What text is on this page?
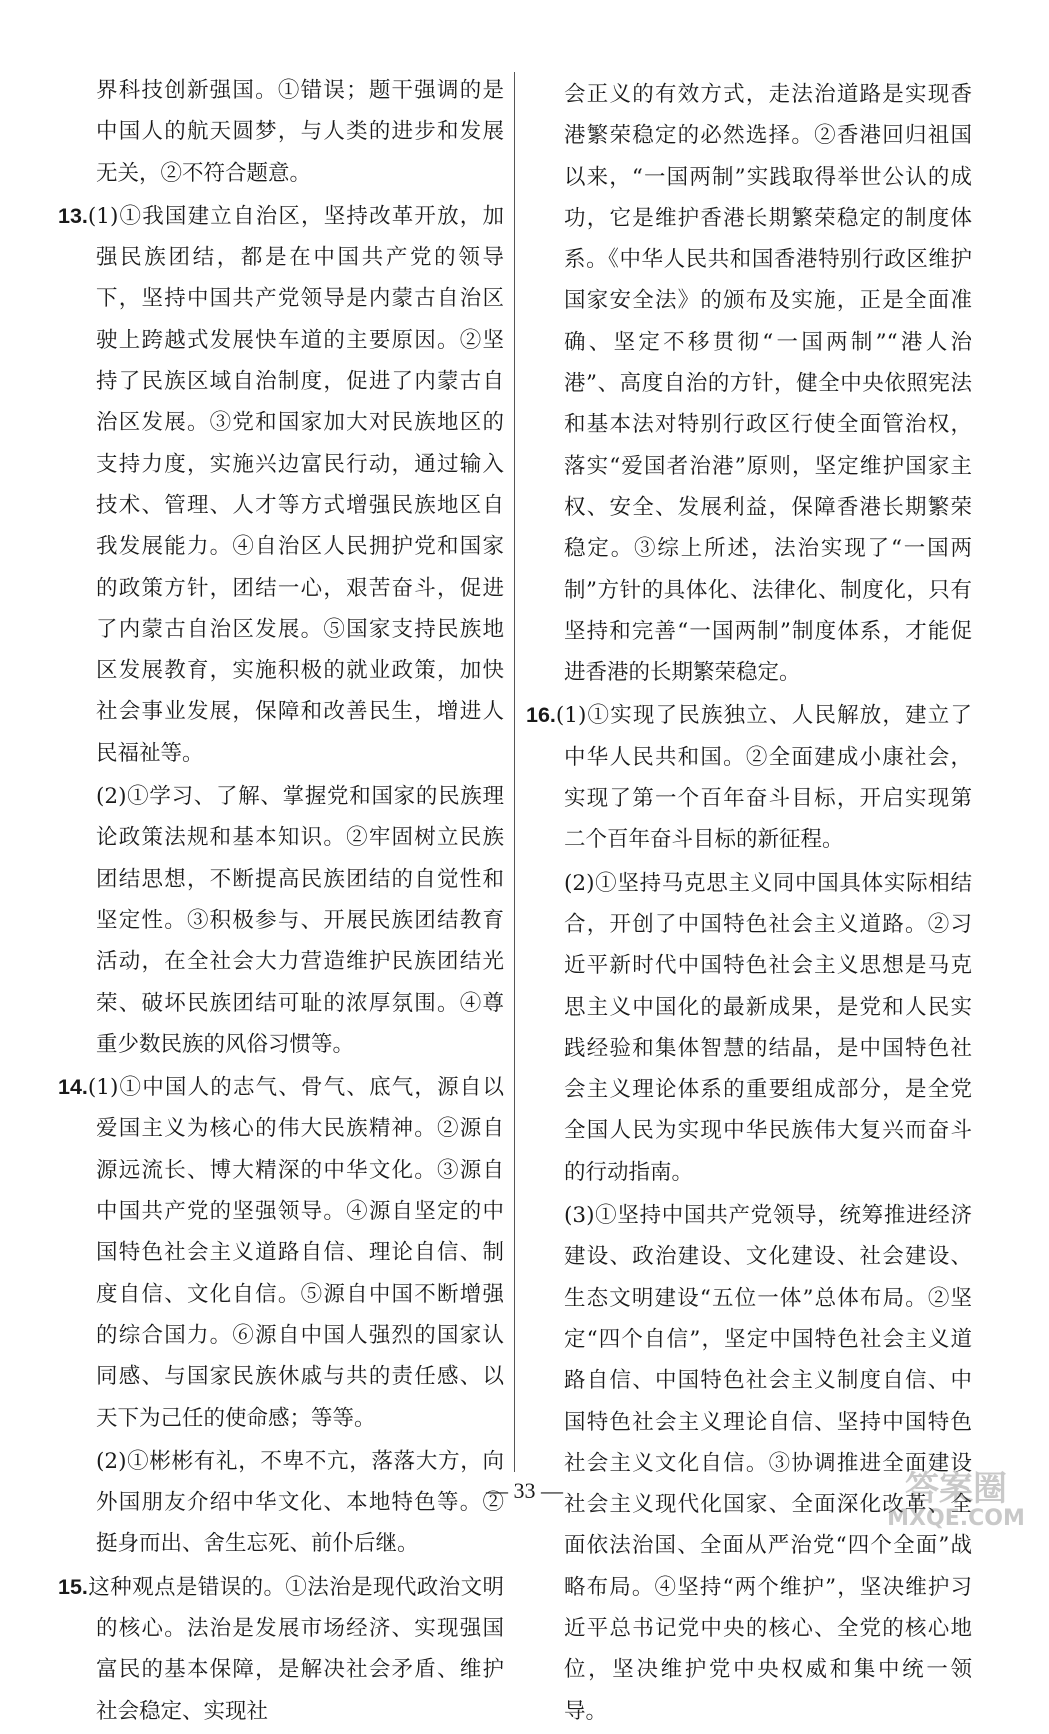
界科技创新强国。①错误；题干强调的是中国人的航天圆梦，与人类的进步和发展无关，②不符合题意。

13.(1)①我国建立自治区，坚持改革开放，加强民族团结，都是在中国共产党的领导下，坚持中国共产党领导是内蒙古自治区驶上跨越式发展快车道的主要原因。②坚持了民族区域自治制度，促进了内蒙古自治区发展。③党和国家加大对民族地区的支持力度，实施兴边富民行动，通过输入技术、管理、人才等方式增强民族地区自我发展能力。④自治区人民拥护党和国家的政策方针，团结一心，艰苦奋斗，促进了内蒙古自治区发展。⑤国家支持民族地区发展教育，实施积极的就业政策，加快社会事业发展，保障和改善民生，增进人民福祉等。

(2)①学习、了解、掌握党和国家的民族理论政策法规和基本知识。②牢固树立民族团结思想，不断提高民族团结的自觉性和坚定性。③积极参与、开展民族团结教育活动，在全社会大力营造维护民族团结光荣、破坏民族团结可耻的浓厚氛围。④尊重少数民族的风俗习惯等。

14.(1)①中国人的志气、骨气、底气，源自以爱国主义为核心的伟大民族精神。②源自源远流长、博大精深的中华文化。③源自中国共产党的坚强领导。④源自坚定的中国特色社会主义道路自信、理论自信、制度自信、文化自信。⑤源自中国不断增强的综合国力。⑥源自中国人强烈的国家认同感、与国家民族休戚与共的责任感、以天下为己任的使命感；等等。

(2)①彬彬有礼，不卑不亢，落落大方，向外国朋友介绍中华文化、本地特色等。②挺身而出、舍生忘死、前仆后继。

15.这种观点是错误的。①法治是现代政治文明的核心。法治是发展市场经济、实现强国富民的基本保障，是解决社会矛盾、维护社会稳定、实现社

会正义的有效方式，走法治道路是实现香港繁荣稳定的必然选择。②香港回归祖国以来，“一国两制”实践取得举世公认的成功，它是维护香港长期繁荣稳定的制度体系。《中华人民共和国香港特别行政区维护国家安全法》的颁布及实施，正是全面准确、坚定不移贯彻“一国两制”“港人治港”、高度自治的方针，健全中央依照宪法和基本法对特别行政区行使全面管治权，落实“爱国者治港”原则，坚定维护国家主权、安全、发展利益，保障香港长期繁荣稳定。③综上所述，法治实现了“一国两制”方针的具体化、法律化、制度化，只有坚持和完善“一国两制”制度体系，才能促进香港的长期繁荣稳定。

16.(1)①实现了民族独立、人民解放，建立了中华人民共和国。②全面建成小康社会，实现了第一个百年奋斗目标，开启实现第二个百年奋斗目标的新征程。

(2)①坚持马克思主义同中国具体实际相结合，开创了中国特色社会主义道路。②习近平新时代中国特色社会主义思想是马克思主义中国化的最新成果，是党和人民实践经验和集体智慧的结晶，是中国特色社会主义理论体系的重要组成部分，是全党全国人民为实现中华民族伟大复兴而奋斗的行动指南。

(3)①坚持中国共产党领导，统筹推进经济建设、政治建设、文化建设、社会建设、生态文明建设“五位一体”总体布局。②坚定“四个自信”，坚定中国特色社会主义道路自信、中国特色社会主义制度自信、中国特色社会主义理论自信、坚持中国特色社会主义文化自信。③协调推进全面建设社会主义现代化国家、全面深化改革、全面依法治国、全面从严治党“四个全面”战略布局。④坚持“两个维护”，坚决维护习近平总书记党中央的核心、全党的核心地位，坚决维护党中央权威和集中统一领导。

— 33 —	答案圈
MXQE.COM
